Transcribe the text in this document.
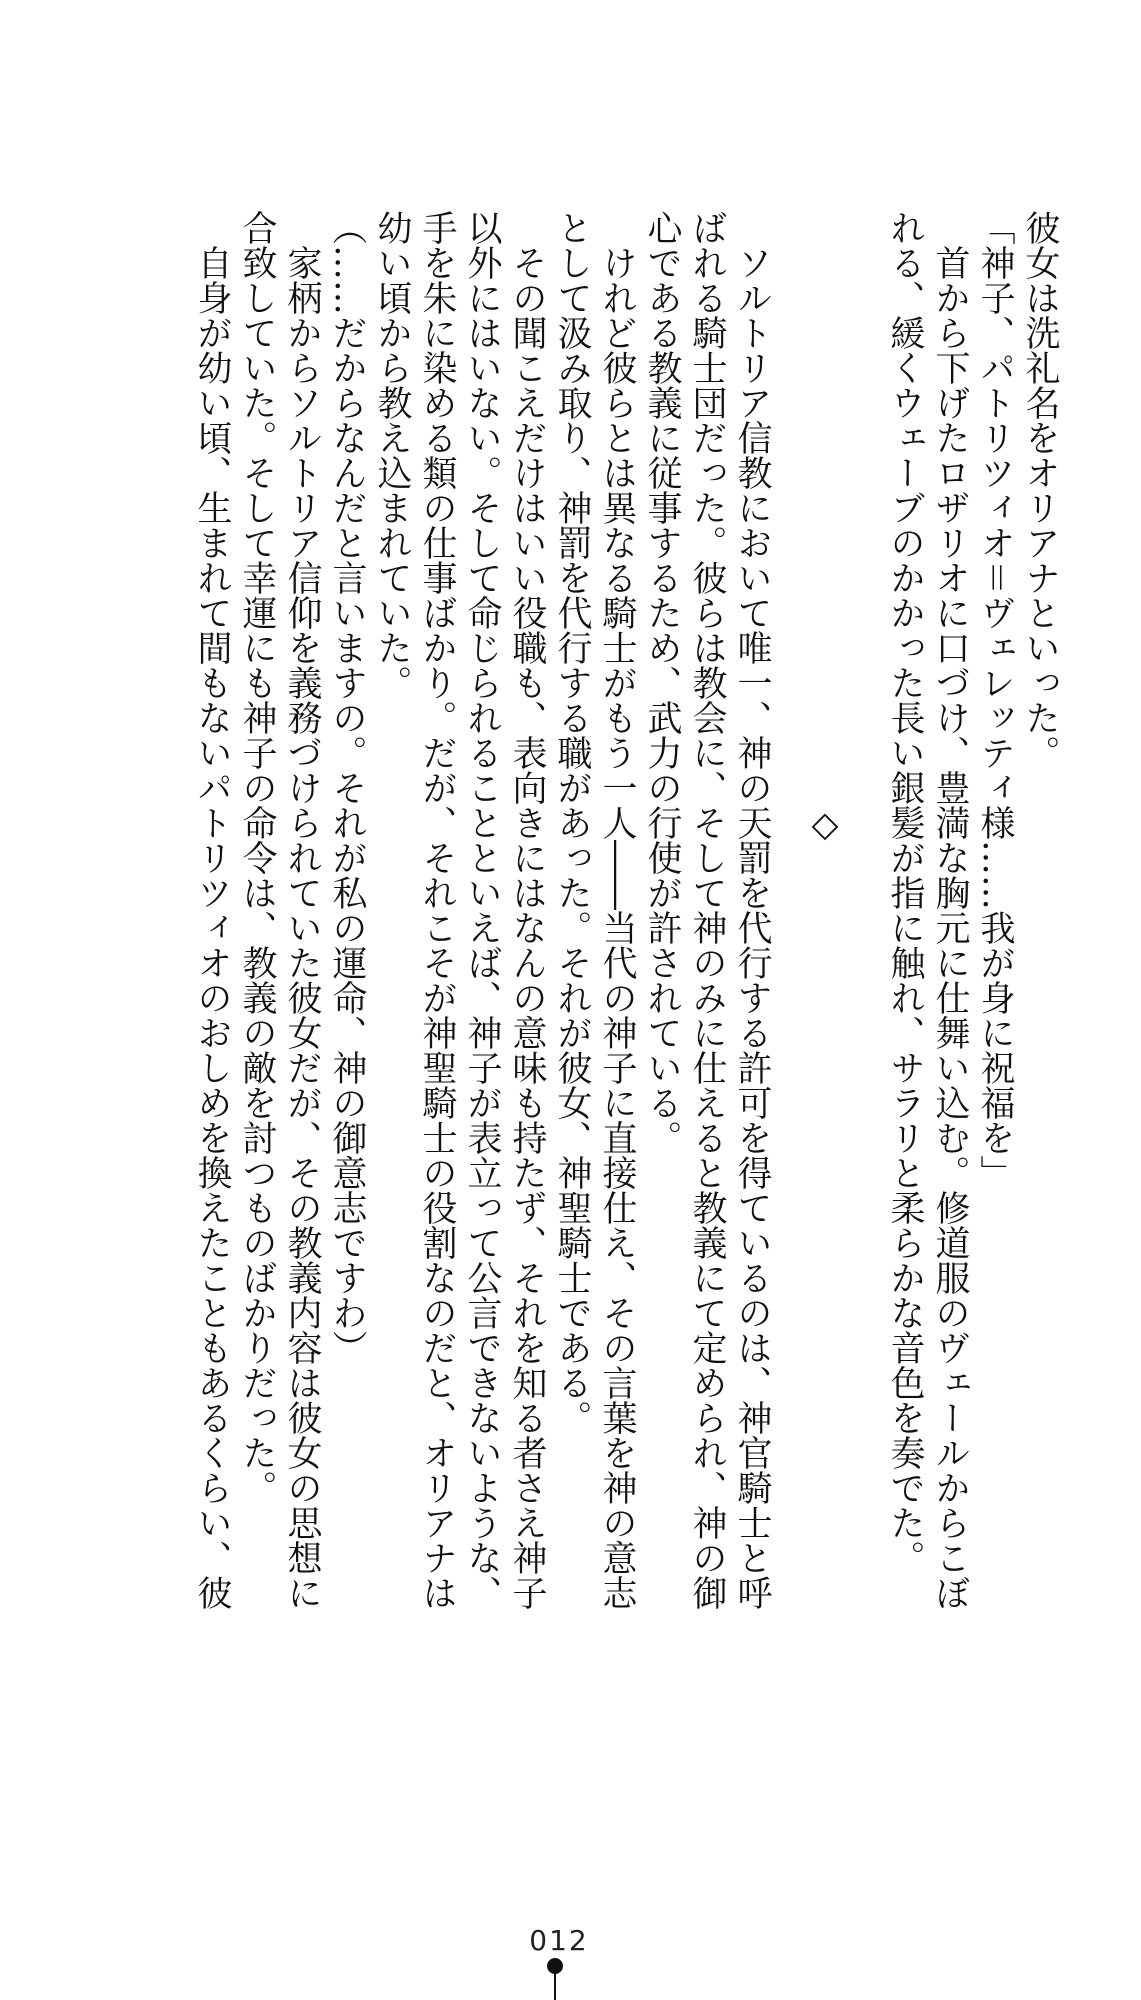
彼女は洗礼名をオリアナといった。

「神子、パトリツィオ＝ヴェレッティ様……我が身に祝福を」

　首から下げたロザリオに口づけ、豊満な胸元に仕舞い込む。修道服のヴェールからこぼ

れる、緩くウェーブのかかった長い銀髪が指に触れ、サラリと柔らかな音色を奏でた。

　　　　　　　　　　　　　　　　　◇

　ソルトリア信教において唯一、神の天罰を代行する許可を得ているのは、神官騎士と呼

ばれる騎士団だった。彼らは教会に、そして神のみに仕えると教義にて定められ、神の御

心である教義に従事するため、武力の行使が許されている。

　けれど彼らとは異なる騎士がもう一人――当代の神子に直接仕え、その言葉を神の意志

として汲み取り、神罰を代行する職があった。それが彼女、神聖騎士である。

　その聞こえだけはいい役職も、表向きにはなんの意味も持たず、それを知る者さえ神子

以外にはいない。そして命じられることといえば、神子が表立って公言できないような、

手を朱に染める類の仕事ばかり。だが、それこそが神聖騎士の役割なのだと、オリアナは

幼い頃から教え込まれていた。

（……だからなんだと言いますの。それが私の運命、神の御意志ですわ）

　家柄からソルトリア信仰を義務づけられていた彼女だが、その教義内容は彼女の思想に

合致していた。そして幸運にも神子の命令は、教義の敵を討つものばかりだった。

　自身が幼い頃、生まれて間もないパトリツィオのおしめを換えたこともあるくらい、彼

012
